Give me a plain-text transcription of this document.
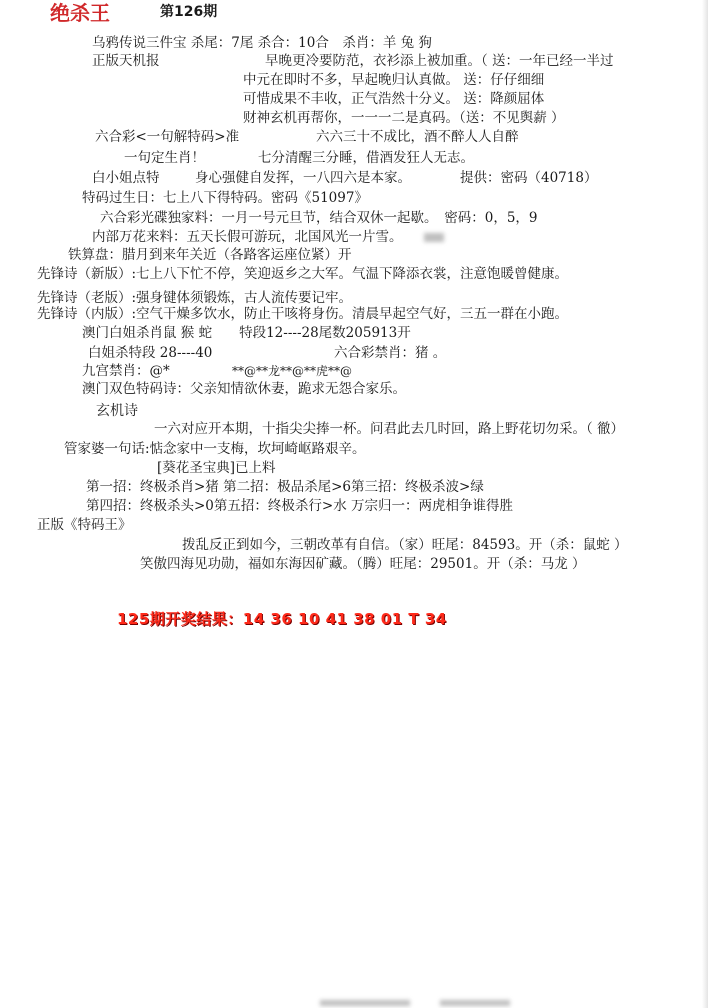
绝杀王	第126期
乌鸦传说三件宝 杀尾：7尾 杀合：10合　杀肖：羊 兔 狗
正版天机报	早晚更冷要防范，衣衫添上被加重。（ 送：一年已经一半过
中元在即时不多，早起晚归认真做。 送：仔仔细细
可惜成果不丰收，正气浩然十分义。 送：降颜屈体
财神玄机再帮你，一一一二是真码。（送：不见舆薪 ）
六合彩<一句解特码>准	六六三十不成比，酒不醉人人自醉
一句定生肖！	七分清醒三分睡，借酒发狂人无志。
白小姐点特	身心强健自发挥，一八四六是本家。	提供：密码（40718）
特码过生日：七上八下得特码。密码《51097》
六合彩光碟独家料：一月一号元旦节，结合双休一起歇。　密码：0，5，9
内部万花来料：五天长假可游玩，北国风光一片雪。
铁算盘：腊月到来年关近（各路客运座位紧）开
先锋诗（新版）:七上八下忙不停，笑迎返乡之大军。气温下降添衣裳，注意饱暖曾健康。
先锋诗（老版）:强身键体须锻炼，古人流传要记牢。
先锋诗（内版）:空气干燥多饮水，防止干咳将身伤。清晨早起空气好，三五一群在小跑。
澳门白姐杀肖鼠 猴 蛇　　特段12----28尾数205913开
白姐杀特段 28----40	六合彩禁肖：猪 。
九宫禁肖：@*	**@**龙**@**虎**@
澳门双色特码诗：父亲知情欲休妻，跪求无怨合家乐。
玄机诗
一六对应开本期，十指尖尖捧一杯。问君此去几时回，路上野花切勿采。（ 徹）
管家婆一句话:惦念家中一支梅，坎坷崎岖路艰辛。
[葵花圣宝典]已上料
第一招：终极杀肖>猪 第二招：极品杀尾>6第三招：终极杀波>绿
第四招：终极杀头>0第五招：终极杀行>水 万宗归一：两虎相争谁得胜
正版《特码王》
拨乱反正到如今，三朝改革有自信。（家）旺尾：84593。开（杀：鼠蛇 ）
笑傲四海见功勋，福如东海因矿藏。（腾）旺尾：29501。开（杀：马龙 ）
125期开奖结果：14 36 10 41 38 01 T 34
